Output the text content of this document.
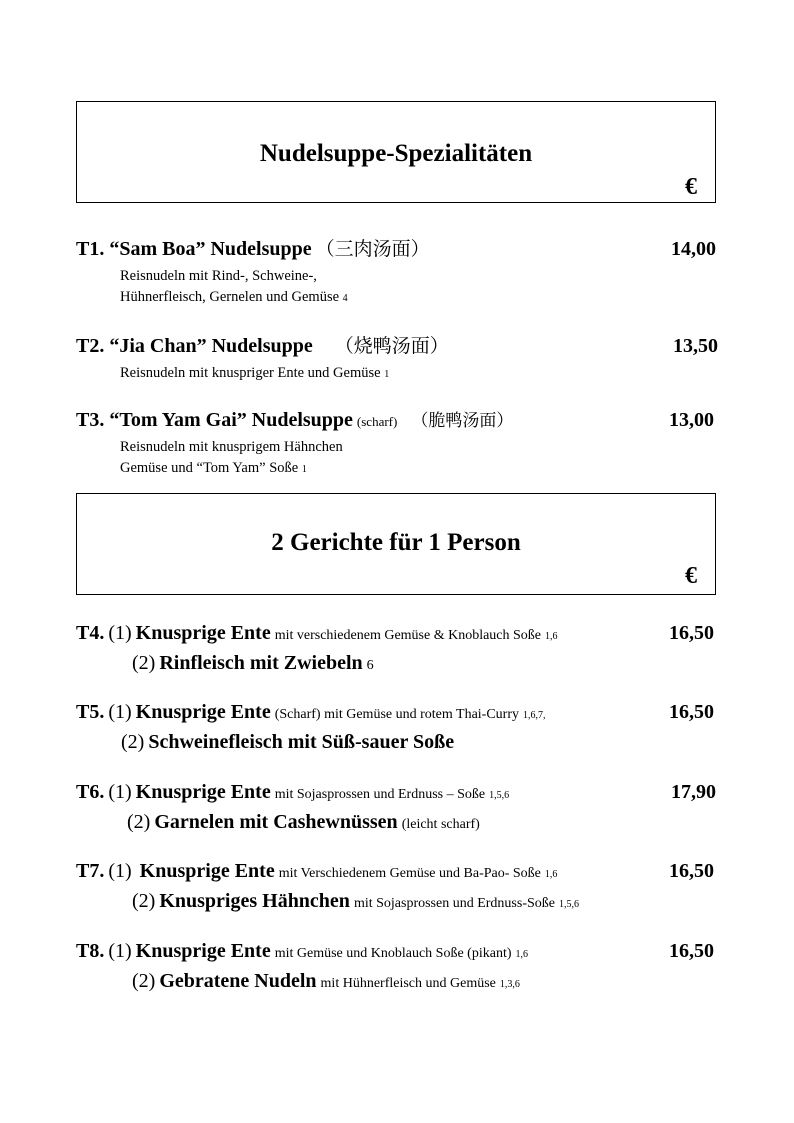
Nudelsuppe-Spezialitäten
€
T1. “Sam Boa” Nudelsuppe （三肉汤面）	14,00
Reisnudeln mit Rind-, Schweine-,
Hühnerfleisch, Gernelen und Gemüse 4
T2. “Jia Chan” Nudelsuppe （烧鸭汤面）	13,50
Reisnudeln mit knuspriger Ente und Gemüse 1
T3. “Tom Yam Gai” Nudelsuppe (scharf) （脆鸭汤面）	13,00
Reisnudeln mit knusprigem Hähnchen
Gemüse und “Tom Yam” Soße 1
2 Gerichte für 1 Person
€
T4. (1) Knusprige Ente mit verschiedenem Gemüse & Knoblauch Soße 1,6	16,50
(2) Rinfleisch mit Zwiebeln 6
T5. (1) Knusprige Ente (Scharf) mit Gemüse und rotem Thai-Curry 1,6,7,	16,50
(2) Schweinefleisch mit Süß-sauer Soße
T6. (1) Knusprige Ente mit Sojasprossen und Erdnuss – Soße 1,5,6	17,90
(2) Garnelen mit Cashewnüssen (leicht scharf)
T7. (1) Knusprige Ente mit Verschiedenem Gemüse und Ba-Pao- Soße 1,6	16,50
(2) Knuspriges Hähnchen mit Sojasprossen und Erdnuss-Soße 1,5,6
T8. (1) Knusprige Ente mit Gemüse und Knoblauch Soße (pikant) 1,6	16,50
(2) Gebratene Nudeln mit Hühnerfleisch und Gemüse 1,3,6
